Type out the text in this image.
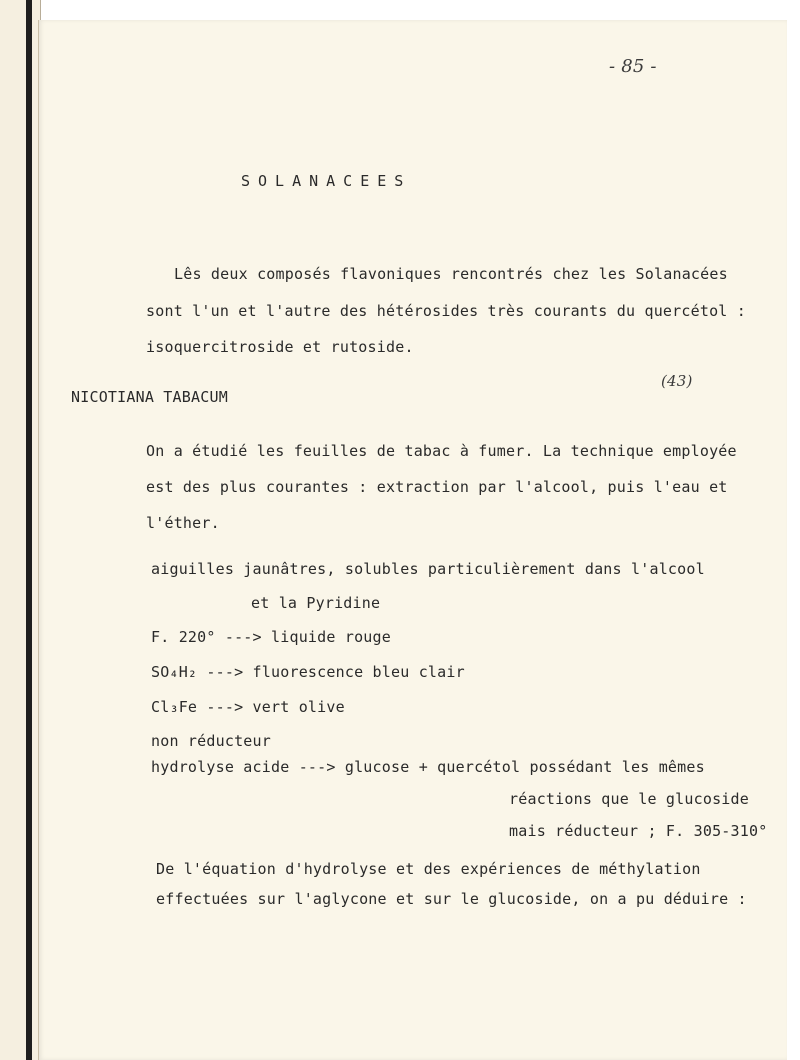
- 85 -
SOLANACEES
Lês deux composés flavoniques rencontrés chez les Solanacées
sont l'un et l'autre des hétérosides très courants du quercétol :
isoquercitroside et rutoside.
NICOTIANA TABACUM
(43)
On a étudié les feuilles de tabac à fumer. La technique employée
est des plus courantes : extraction par l'alcool, puis l'eau et
l'éther.
aiguilles jaunâtres, solubles particulièrement dans l'alcool
et la Pyridine
F. 220° ---> liquide rouge
SO₄H₂ ---> fluorescence bleu clair
Cl₃Fe ---> vert olive
non réducteur
hydrolyse acide ---> glucose + quercétol possédant les mêmes
réactions que le glucoside
mais réducteur ; F. 305-310°
De l'équation d'hydrolyse et des expériences de méthylation
effectuées sur l'aglycone et sur le glucoside, on a pu déduire :
